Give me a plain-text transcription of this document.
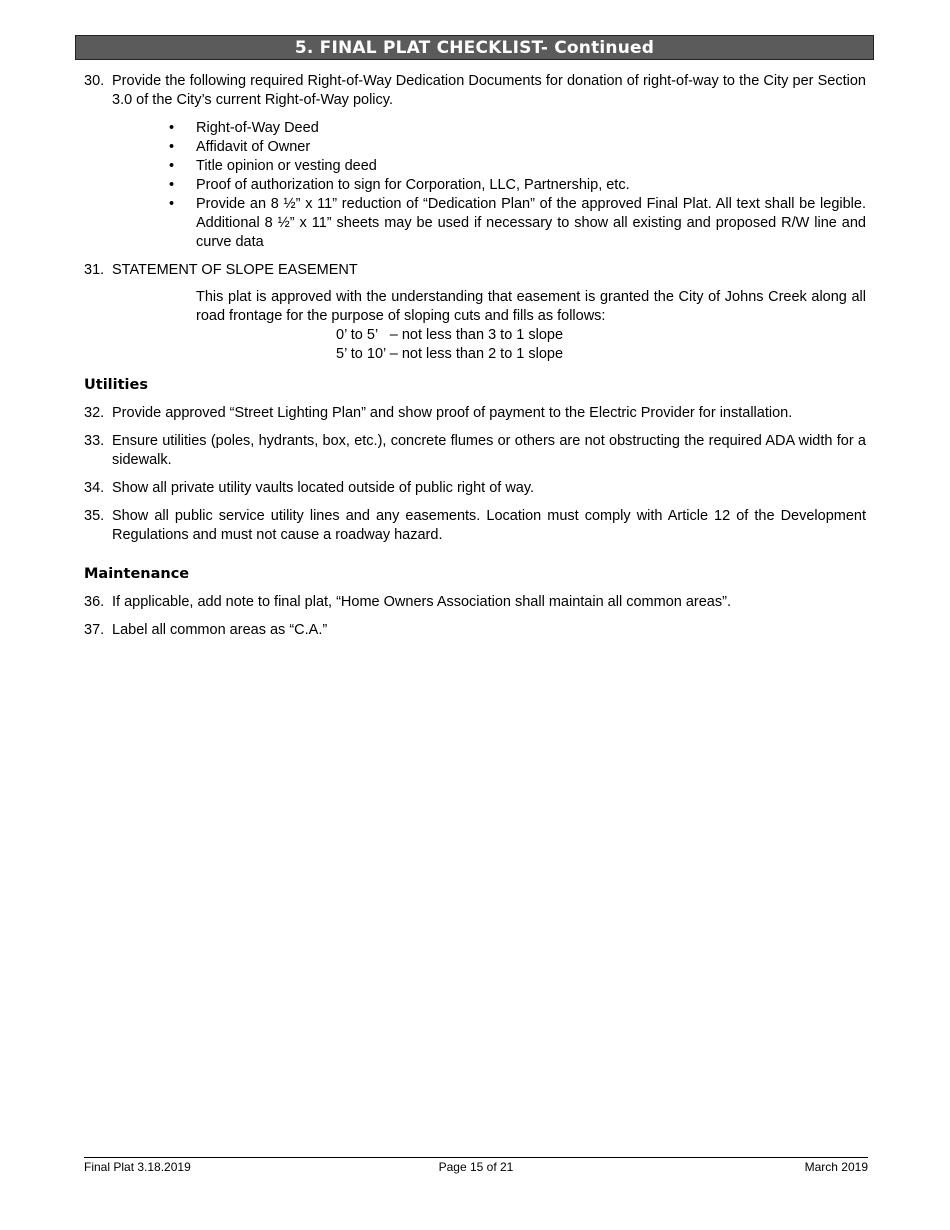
5. FINAL PLAT CHECKLIST- Continued
30. Provide the following required Right-of-Way Dedication Documents for donation of right-of-way to the City per Section 3.0 of the City’s current Right-of-Way policy.
• Right-of-Way Deed
• Affidavit of Owner
• Title opinion or vesting deed
• Proof of authorization to sign for Corporation, LLC, Partnership, etc.
• Provide an 8 ½” x 11” reduction of “Dedication Plan” of the approved Final Plat. All text shall be legible. Additional 8 ½” x 11” sheets may be used if necessary to show all existing and proposed R/W line and curve data
31. STATEMENT OF SLOPE EASEMENT

This plat is approved with the understanding that easement is granted the City of Johns Creek along all road frontage for the purpose of sloping cuts and fills as follows:

0’ to 5’   – not less than 3 to 1 slope

5’ to 10’ – not less than 2 to 1 slope

Utilities
32. Provide approved “Street Lighting Plan” and show proof of payment to the Electric Provider for installation.
33. Ensure utilities (poles, hydrants, box, etc.), concrete flumes or others are not obstructing the required ADA width for a sidewalk.
34. Show all private utility vaults located outside of public right of way.
35. Show all public service utility lines and any easements. Location must comply with Article 12 of the Development Regulations and must not cause a roadway hazard.
Maintenance
36. If applicable, add note to final plat, “Home Owners Association shall maintain all common areas”.
37. Label all common areas as “C.A.”
Final Plat 3.18.2019	Page 15 of 21	March 2019
